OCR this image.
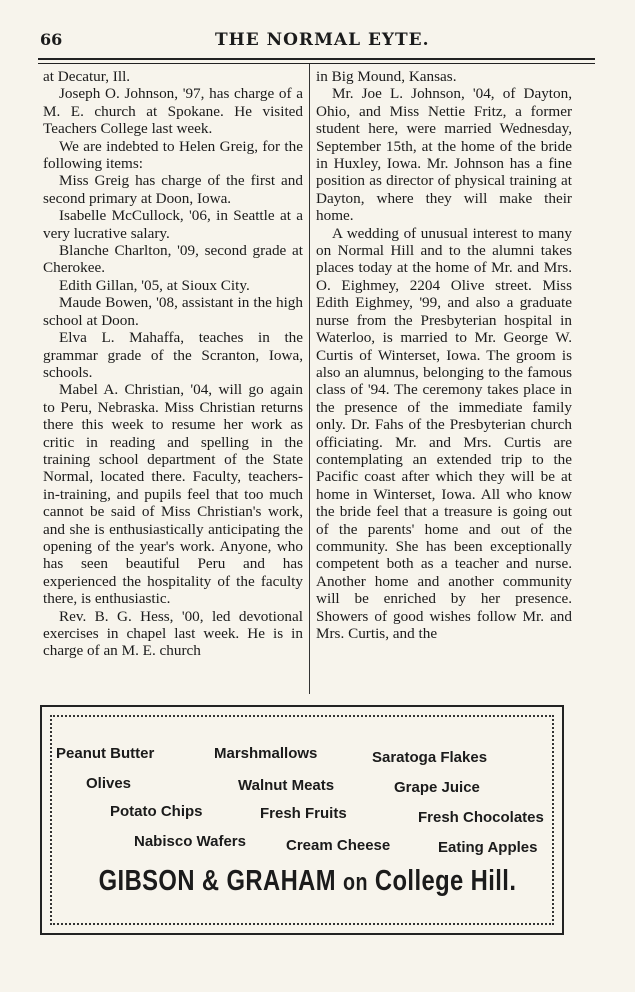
66	THE NORMAL EYTE.

at Decatur, Ill.

Joseph O. Johnson, '97, has charge of a M. E. church at Spokane. He visited Teachers College last week.

We are indebted to Helen Greig, for the following items:

Miss Greig has charge of the first and second primary at Doon, Iowa.

Isabelle McCullock, '06, in Seattle at a very lucrative salary.

Blanche Charlton, '09, second grade at Cherokee.

Edith Gillan, '05, at Sioux City.

Maude Bowen, '08, assistant in the high school at Doon.

Elva L. Mahaffa, teaches in the grammar grade of the Scranton, Iowa, schools.

Mabel A. Christian, '04, will go again to Peru, Nebraska. Miss Christian returns there this week to resume her work as critic in reading and spelling in the training school department of the State Normal, located there. Faculty, teachers-in-training, and pupils feel that too much cannot be said of Miss Christian's work, and she is enthusiastically anticipating the opening of the year's work. Anyone, who has seen beautiful Peru and has experienced the hospitality of the faculty there, is enthusiastic.

Rev. B. G. Hess, '00, led devotional exercises in chapel last week. He is in charge of an M. E. church

in Big Mound, Kansas.

Mr. Joe L. Johnson, '04, of Dayton, Ohio, and Miss Nettie Fritz, a former student here, were married Wednesday, September 15th, at the home of the bride in Huxley, Iowa. Mr. Johnson has a fine position as director of physical training at Dayton, where they will make their home.

A wedding of unusual interest to many on Normal Hill and to the alumni takes places today at the home of Mr. and Mrs. O. Eighmey, 2204 Olive street. Miss Edith Eighmey, '99, and also a graduate nurse from the Presbyterian hospital in Waterloo, is married to Mr. George W. Curtis of Winterset, Iowa. The groom is also an alumnus, belonging to the famous class of '94. The ceremony takes place in the presence of the immediate family only. Dr. Fahs of the Presbyterian church officiating. Mr. and Mrs. Curtis are contemplating an extended trip to the Pacific coast after which they will be at home in Winterset, Iowa. All who know the bride feel that a treasure is going out of the parents' home and out of the community. She has been exceptionally competent both as a teacher and nurse. Another home and another community will be enriched by her presence. Showers of good wishes follow Mr. and Mrs. Curtis, and the

Peanut Butter	Marshmallows	Saratoga Flakes
Olives	Walnut Meats	Grape Juice
Potato Chips	Fresh Fruits	Fresh Chocolates
Nabisco Wafers	Cream Cheese	Eating Apples
GIBSON & GRAHAM on College Hill.
